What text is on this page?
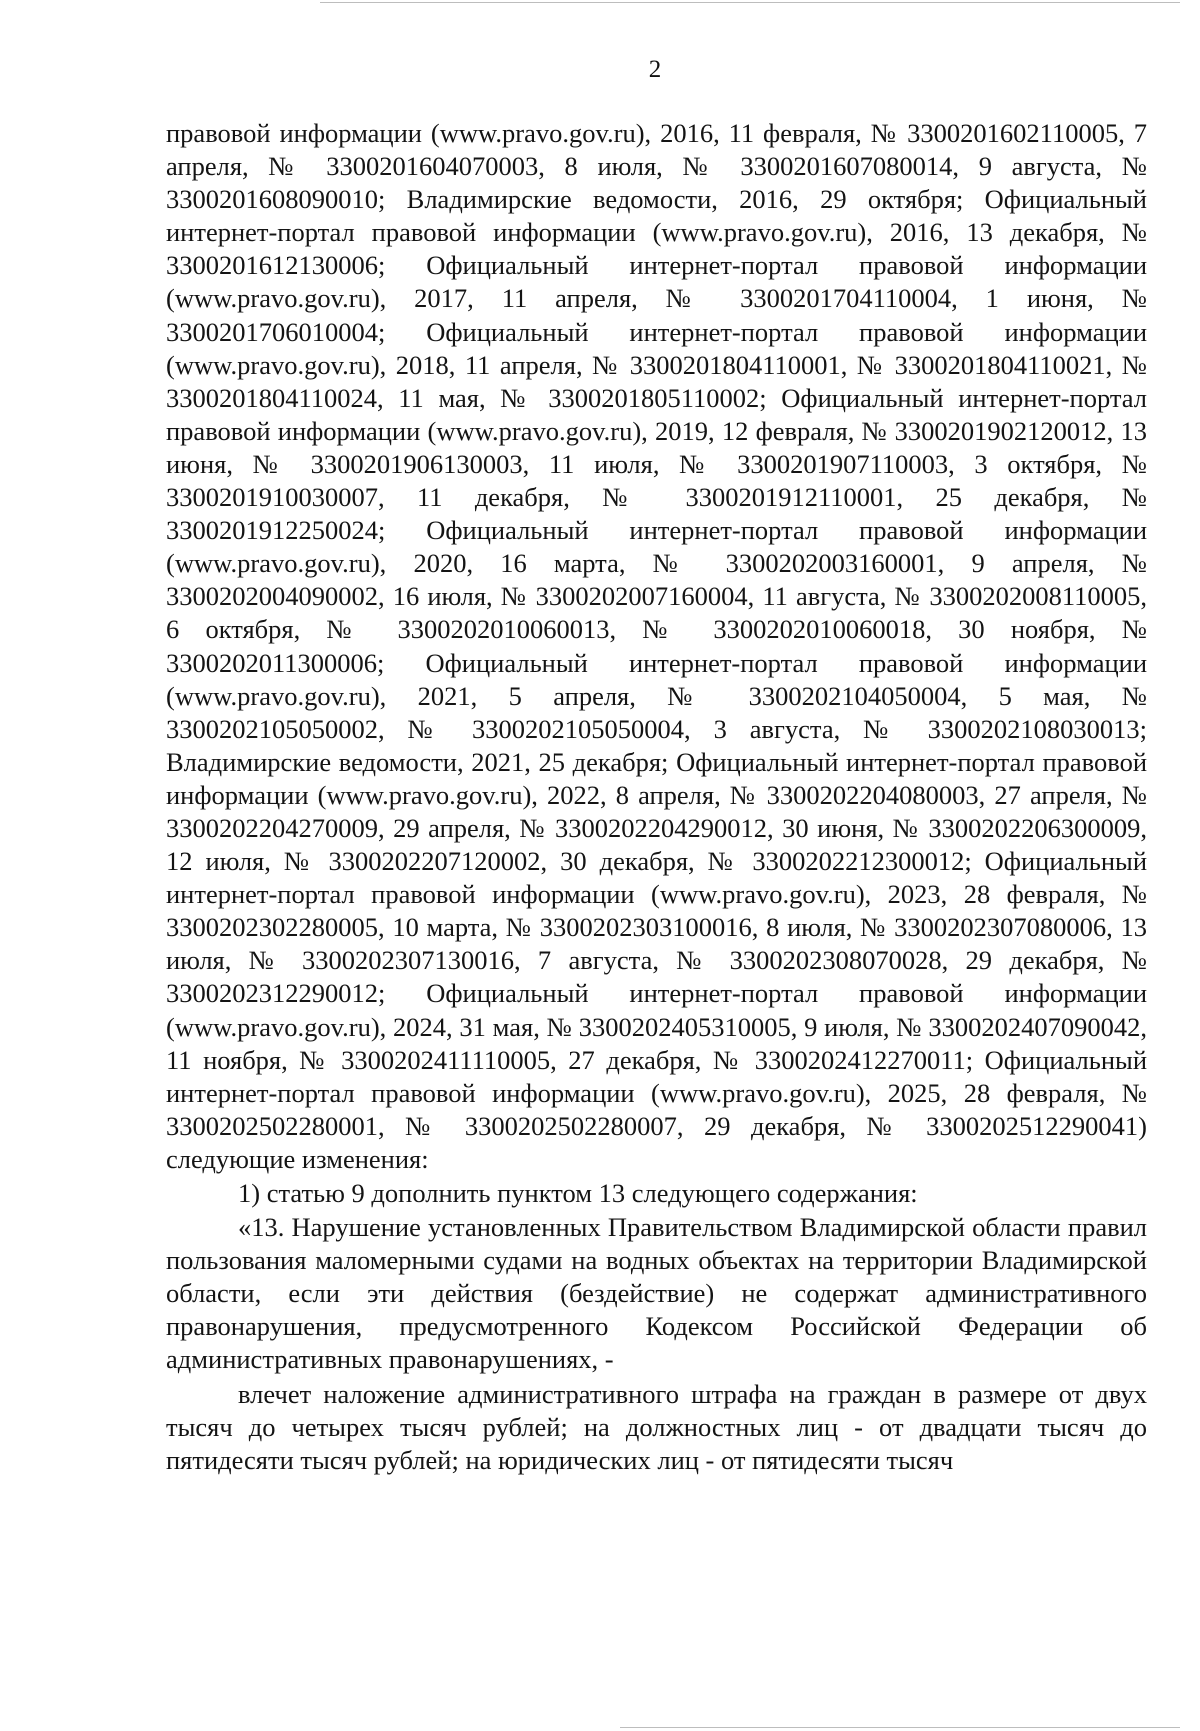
2

правовой информации (www.pravo.gov.ru), 2016, 11 февраля, № 3300201602110005, 7 апреля, № 3300201604070003, 8 июля, № 3300201607080014, 9 августа, № 3300201608090010; Владимирские ведомости, 2016, 29 октября; Официальный интернет-портал правовой информации (www.pravo.gov.ru), 2016, 13 декабря, № 3300201612130006; Официальный интернет-портал правовой информации (www.pravo.gov.ru), 2017, 11 апреля, № 3300201704110004, 1 июня, № 3300201706010004; Официальный интернет-портал правовой информации (www.pravo.gov.ru), 2018, 11 апреля, № 3300201804110001, № 3300201804110021, № 3300201804110024, 11 мая, № 3300201805110002; Официальный интернет-портал правовой информации (www.pravo.gov.ru), 2019, 12 февраля, № 3300201902120012, 13 июня, № 3300201906130003, 11 июля, № 3300201907110003, 3 октября, № 3300201910030007, 11 декабря, № 3300201912110001, 25 декабря, № 3300201912250024; Официальный интернет-портал правовой информации (www.pravo.gov.ru), 2020, 16 марта, № 3300202003160001, 9 апреля, № 3300202004090002, 16 июля, № 3300202007160004, 11 августа, № 3300202008110005, 6 октября, № 3300202010060013, № 3300202010060018, 30 ноября, № 3300202011300006; Официальный интернет-портал правовой информации (www.pravo.gov.ru), 2021, 5 апреля, № 3300202104050004, 5 мая, № 3300202105050002, № 3300202105050004, 3 августа, № 3300202108030013; Владимирские ведомости, 2021, 25 декабря; Официальный интернет-портал правовой информации (www.pravo.gov.ru), 2022, 8 апреля, № 3300202204080003, 27 апреля, № 3300202204270009, 29 апреля, № 3300202204290012, 30 июня, № 3300202206300009, 12 июля, № 3300202207120002, 30 декабря, № 3300202212300012; Официальный интернет-портал правовой информации (www.pravo.gov.ru), 2023, 28 февраля, № 3300202302280005, 10 марта, № 3300202303100016, 8 июля, № 3300202307080006, 13 июля, № 3300202307130016, 7 августа, № 3300202308070028, 29 декабря, № 3300202312290012; Официальный интернет-портал правовой информации (www.pravo.gov.ru), 2024, 31 мая, № 3300202405310005, 9 июля, № 3300202407090042, 11 ноября, № 3300202411110005, 27 декабря, № 3300202412270011; Официальный интернет-портал правовой информации (www.pravo.gov.ru), 2025, 28 февраля, № 3300202502280001, № 3300202502280007, 29 декабря, № 3300202512290041) следующие изменения:

1) статью 9 дополнить пунктом 13 следующего содержания:

«13. Нарушение установленных Правительством Владимирской области правил пользования маломерными судами на водных объектах на территории Владимирской области, если эти действия (бездействие) не содержат административного правонарушения, предусмотренного Кодексом Российской Федерации об административных правонарушениях, -

влечет наложение административного штрафа на граждан в размере от двух тысяч до четырех тысяч рублей; на должностных лиц - от двадцати тысяч до пятидесяти тысяч рублей; на юридических лиц - от пятидесяти тысяч
